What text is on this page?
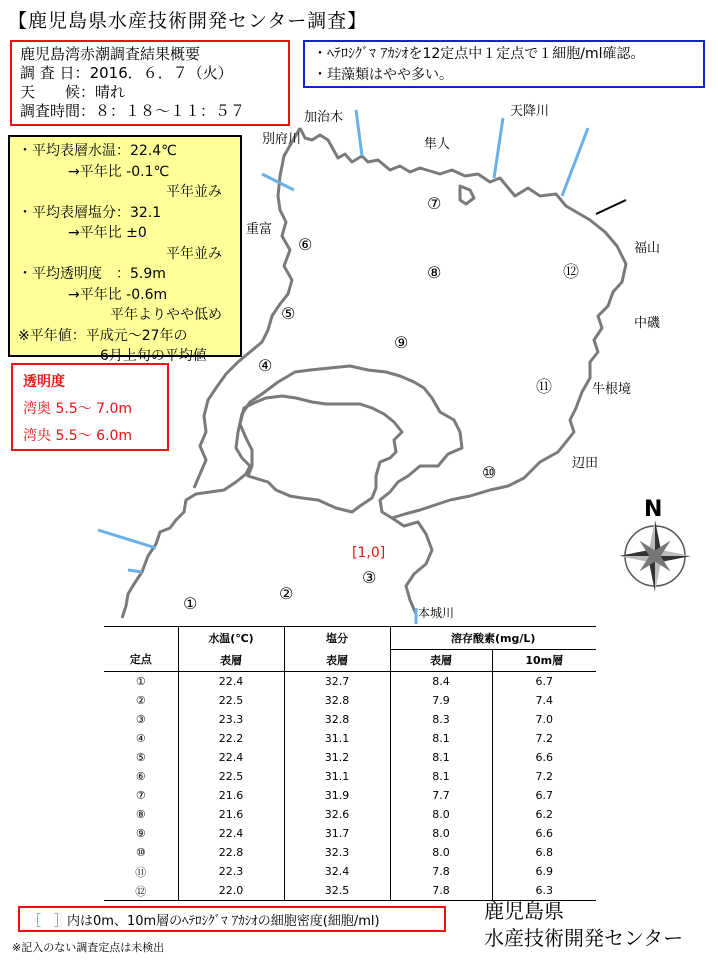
【鹿児島県水産技術開発センター調査】
鹿児島湾赤潮調査結果概要
調 査 日：2016．６．７（火）
天　　候：晴れ
調査時間：８：１８～１１：５７
・ﾍﾃﾛｼｸﾞﾏ ｱｶｼｵを12定点中１定点で１細胞/ml確認。
・珪藻類はやや多い。
・平均表層水温：22.4℃
→平年比 -0.1℃
平年並み
・平均表層塩分：32.1
→平年比 ±0
平年並み
・平均透明度　：5.9m
→平年比 -0.6m
平年よりやや低め
※平年値：平成元～27年の
6月上旬の平均値
透明度
湾奥 5.5～ 7.0m
湾央 5.5～ 6.0m
加治木
別府川	隼人
天降川
重富
福山
中磯
牛根境
辺田
本城川
N
①
②
③
④
⑤
⑥
⑦
⑧
⑨
⑩
⑪
⑫
[1,0]
定点	水温(℃)	塩分	溶存酸素(mg/L)	
	表層	表層	表層	10m層
①	22.4	32.7	8.4	6.7
②	22.5	32.8	7.9	7.4
③	23.3	32.8	8.3	7.0
④	22.2	31.1	8.1	7.2
⑤	22.4	31.2	8.1	6.6
⑥	22.5	31.1	8.1	7.2
⑦	21.6	31.9	7.7	6.7
⑧	21.6	32.6	8.0	6.2
⑨	22.4	31.7	8.0	6.6
⑩	22.8	32.3	8.0	6.8
⑪	22.3	32.4	7.8	6.9
⑫	22.0	32.5	7.8	6.3
［　］内は0m、10m層のﾍﾃﾛｼｸﾞﾏ ｱｶｼｵの細胞密度(細胞/ml)
※記入のない調査定点は未検出
鹿児島県
水産技術開発センター
